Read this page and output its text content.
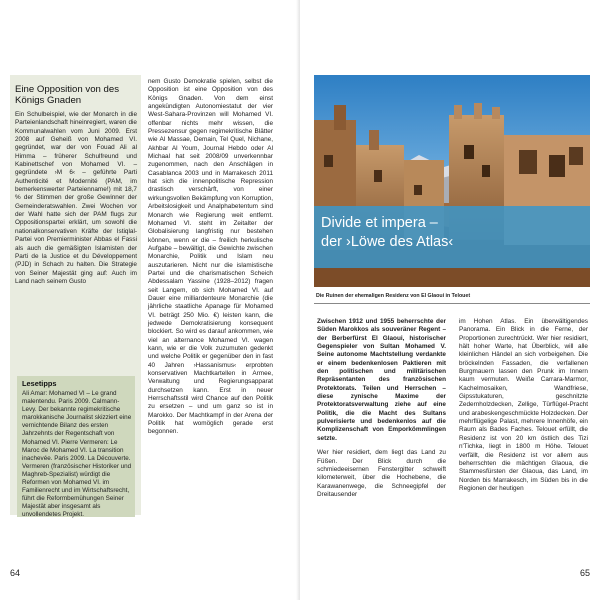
Eine Opposition von des Königs Gnaden

Ein Schulbeispiel, wie der Monarch in die Parteienlandschaft hineinregiert, waren die Kommunalwahlen vom Juni 2009. Erst 2008 auf Geheiß von Mohamed VI. gegründet, war der von Fouad Ali al Himma – früherer Schulfreund und Kabinettschef von Mohamed VI. – gegründete ›M 6‹ – geführte Parti Authenticité et Modernité (PAM, im bemerkenswerter Parteienname!) mit 18,7 % der Stimmen der große Gewinner der Gemeinderatswahlen. Zwei Wochen vor der Wahl hatte sich der PAM flugs zur Oppositionspartei erklärt, um sowohl die nationalkonservativen Kräfte der Istiqlal-Partei von Premierminister Abbas el Fassi als auch die gemäßigten Islamisten der Parti de la Justice et du Développement (PJD) in Schach zu halten. Die Strategie von Seiner Majestät ging auf: Auch im Land nach seinem Gusto

Lesetipps
Ali Amar: Mohamed VI – Le grand malentendu. Paris 2009. Calmann-Levy. Der bekannte regimekritische marokkanische Journalist skizziert eine vernichtende Bilanz des ersten Jahrzehnts der Regentschaft von Mohamed VI. Pierre Vermeren: Le Maroc de Mohamed VI. La transition inachevée. Paris 2009. La Découverte. Vermeren (französischer Historiker und Maghreb-Spezialist) würdigt die Reformen von Mohamed VI. im Familienrecht und im Wirtschaftsrecht, führt die Reformbemühungen Seiner Majestät aber insgesamt als unvollendetes Projekt.

nem Gusto Demokratie spielen, selbst die Opposition ist eine Opposition von des Königs Gnaden. Von dem einst angekündigten Autonomiestatut der vier West-Sahara-Provinzen will Mohamed VI. offenbar nichts mehr wissen, die Pressezensur gegen regimekritische Blätter wie Al Massae, Demain, Tel Quel, Nichane, Akhbar Al Youm, Journal Hebdo oder Al Michaal hat seit 2008/09 unverkennbar zugenommen, nach den Anschlägen in Casablanca 2003 und in Marrakesch 2011 hat sich die innenpolitische Repression drastisch verschärft, von einer wirkungsvollen Bekämpfung von Korruption, Arbeitslosigkeit und Analphabetentum sind Monarch wie Regierung weit entfernt. Mohamed VI. steht im Zeitalter der Globalisierung langfristig nur bestehen können, wenn er die – freilich herkulische Aufgabe – bewältigt, die Gewichte zwischen Monarchie, Politik und Islam neu auszutarieren. Nicht nur die islamistische Partei und die charismatischen Scheich Abdessalam Yassine (1928–2012) fragen seit Langem, ob sich Mohamed VI. auf Dauer eine milliardenteure Monarchie (die jährliche staatliche Apanage für Mohamed VI. beträgt 250 Mio. €) leisten kann, die jedwede Demokratisierung konsequent blockiert. So wird es darauf ankommen, wie viel an alternance Mohamed VI. wagen kann, wie er die Volk zuzumuten gedenkt und welche Politik er gegenüber den in fast 40 Jahren ›Hassanismus‹ erprobten konservativen Machtkartellen in Armee, Verwaltung und Regierungsapparat durchsetzen kann. Erst in neuer Herrschaftsstil wird Chance auf den Politik zu ersetzen – und um ganz so ist in Marokko. Der Machtkampf in der Arena der Politik hat womöglich gerade erst begonnen.

64
Divide et impera –
der ›Löwe des Atlas‹
Die Ruinen der ehemaligen Residenz von El Glaoui in Telouet

Zwischen 1912 und 1955 beherrschte der Süden Marokkos als souveräner Regent – der Berberfürst El Glaoui, historischer Gegenspieler von Sultan Mohamed V. Seine autonome Machtstellung verdankte er einem bedenkenlosen Paktieren mit den politischen und militärischen Repräsentanten des französischen Protektorats. Teilen und Herrschen – diese zynische Maxime der Protektoratsverwaltung ziehe auf eine Politik, die die Macht des Sultans pulverisierte und bedenkenlos auf die Komplizenschaft von Emporkömmlingen setzte.

Wer hier residiert, dem liegt das Land zu Füßen. Der Blick durch die schmiedeeisernen Fenstergitter schweift kilometerweit, über die Hochebene, die Karawanenwege, die Schneegipfel der Dreitausender

im Hohen Atlas. Ein überwältigendes Panorama. Ein Blick in die Ferne, der Proportionen zurechtrückt. Wer hier residiert, hält hoher Warte, hat Überblick, will alle kleinlichen Händel an sich vorbeigehen. Die bröckelnden Fassaden, die verfallenen Burgmauern lassen den Prunk im Innern kaum vermuten. Weiße Carrara-Marmor, Kachelmosaiken, Wandfriese, Gipsstukaturen, geschnitzte Zedernholzdecken, Zellige, Türflügel-Pracht und arabeskengeschmückte Holzdecken. Der mehrflügelige Palast, mehrere Innenhöfe, ein Raum als Bades Faches. Telouet erfüllt, die Residenz ist von 20 km östlich des Tizi n'Tichka, liegt in 1800 m Höhe. Telouet verfällt, die Residenz ist vor allem aus beherrschten die mächtigen Glaoua, die Stammesfürsten der Glaoua, das Land, im Norden bis Marrakesch, im Süden bis in die Regionen der heutigen

65
